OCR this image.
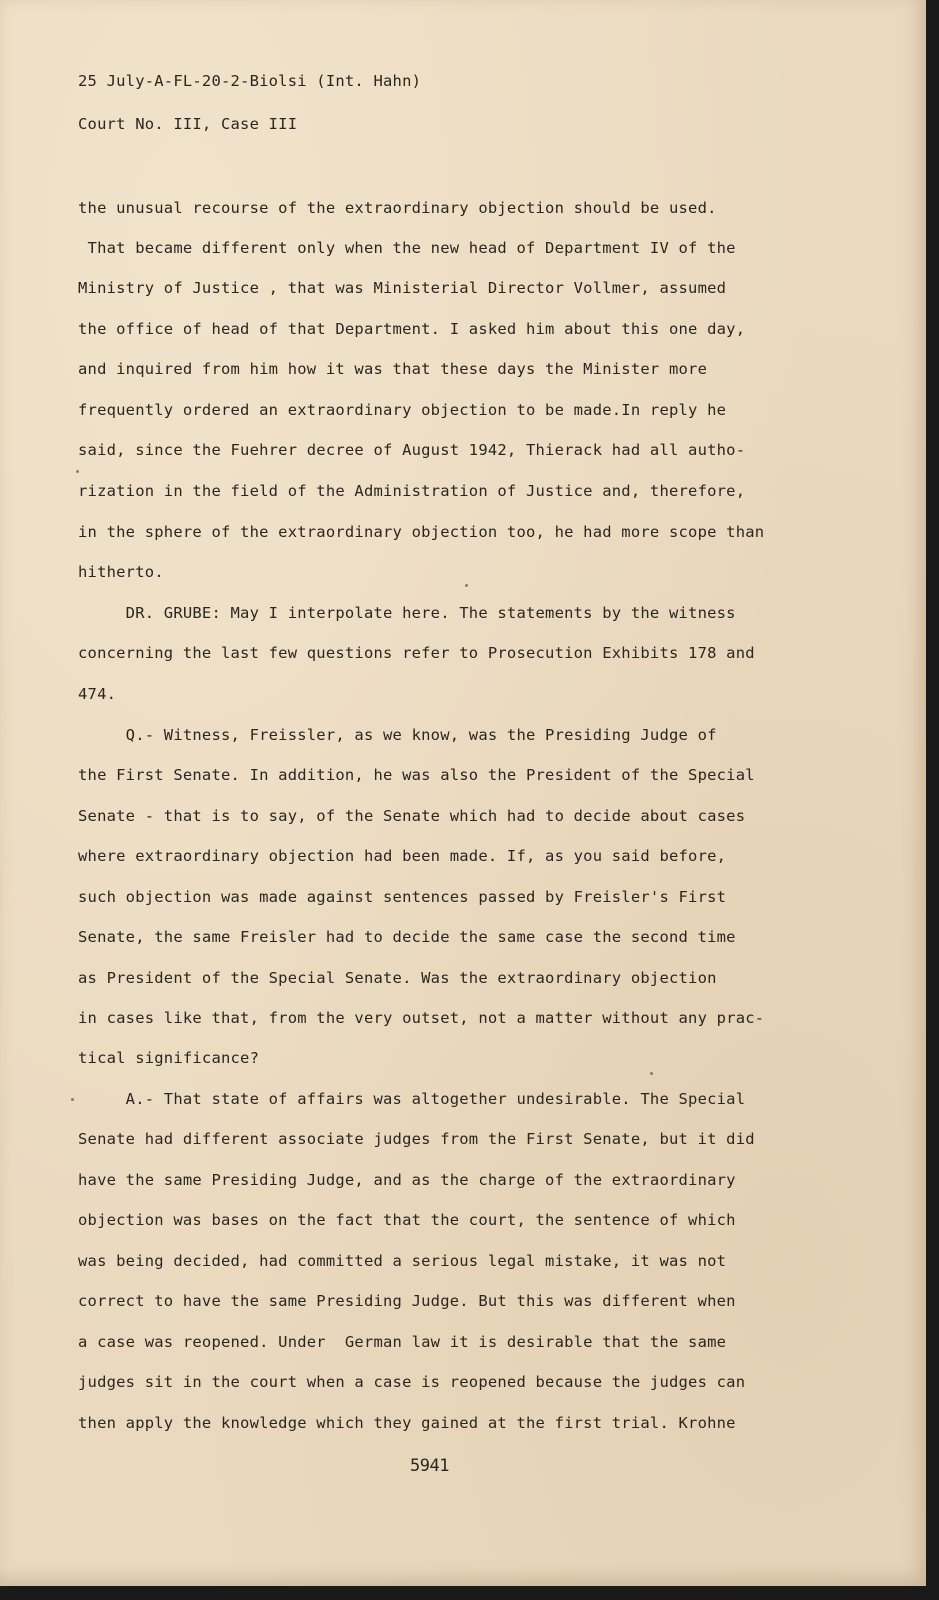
25 July-A-FL-20-2-Biolsi (Int. Hahn)
Court No. III, Case III
the unusual recourse of the extraordinary objection should be used.
That became different only when the new head of Department IV of the
Ministry of Justice , that was Ministerial Director Vollmer, assumed
the office of head of that Department. I asked him about this one day,
and inquired from him how it was that these days the Minister more
frequently ordered an extraordinary objection to be made.In reply he
said, since the Fuehrer decree of August 1942, Thierack had all autho-
rization in the field of the Administration of Justice and, therefore,
in the sphere of the extraordinary objection too, he had more scope than
hitherto.
DR. GRUBE: May I interpolate here. The statements by the witness
concerning the last few questions refer to Prosecution Exhibits 178 and
474.
Q.- Witness, Freissler, as we know, was the Presiding Judge of
the First Senate. In addition, he was also the President of the Special
Senate - that is to say, of the Senate which had to decide about cases
where extraordinary objection had been made. If, as you said before,
such objection was made against sentences passed by Freisler's First
Senate, the same Freisler had to decide the same case the second time
as President of the Special Senate. Was the extraordinary objection
in cases like that, from the very outset, not a matter without any prac-
tical significance?
A.- That state of affairs was altogether undesirable. The Special
Senate had different associate judges from the First Senate, but it did
have the same Presiding Judge, and as the charge of the extraordinary
objection was bases on the fact that the court, the sentence of which
was being decided, had committed a serious legal mistake, it was not
correct to have the same Presiding Judge. But this was different when
a case was reopened. Under  German law it is desirable that the same
judges sit in the court when a case is reopened because the judges can
then apply the knowledge which they gained at the first trial. Krohne
5941
